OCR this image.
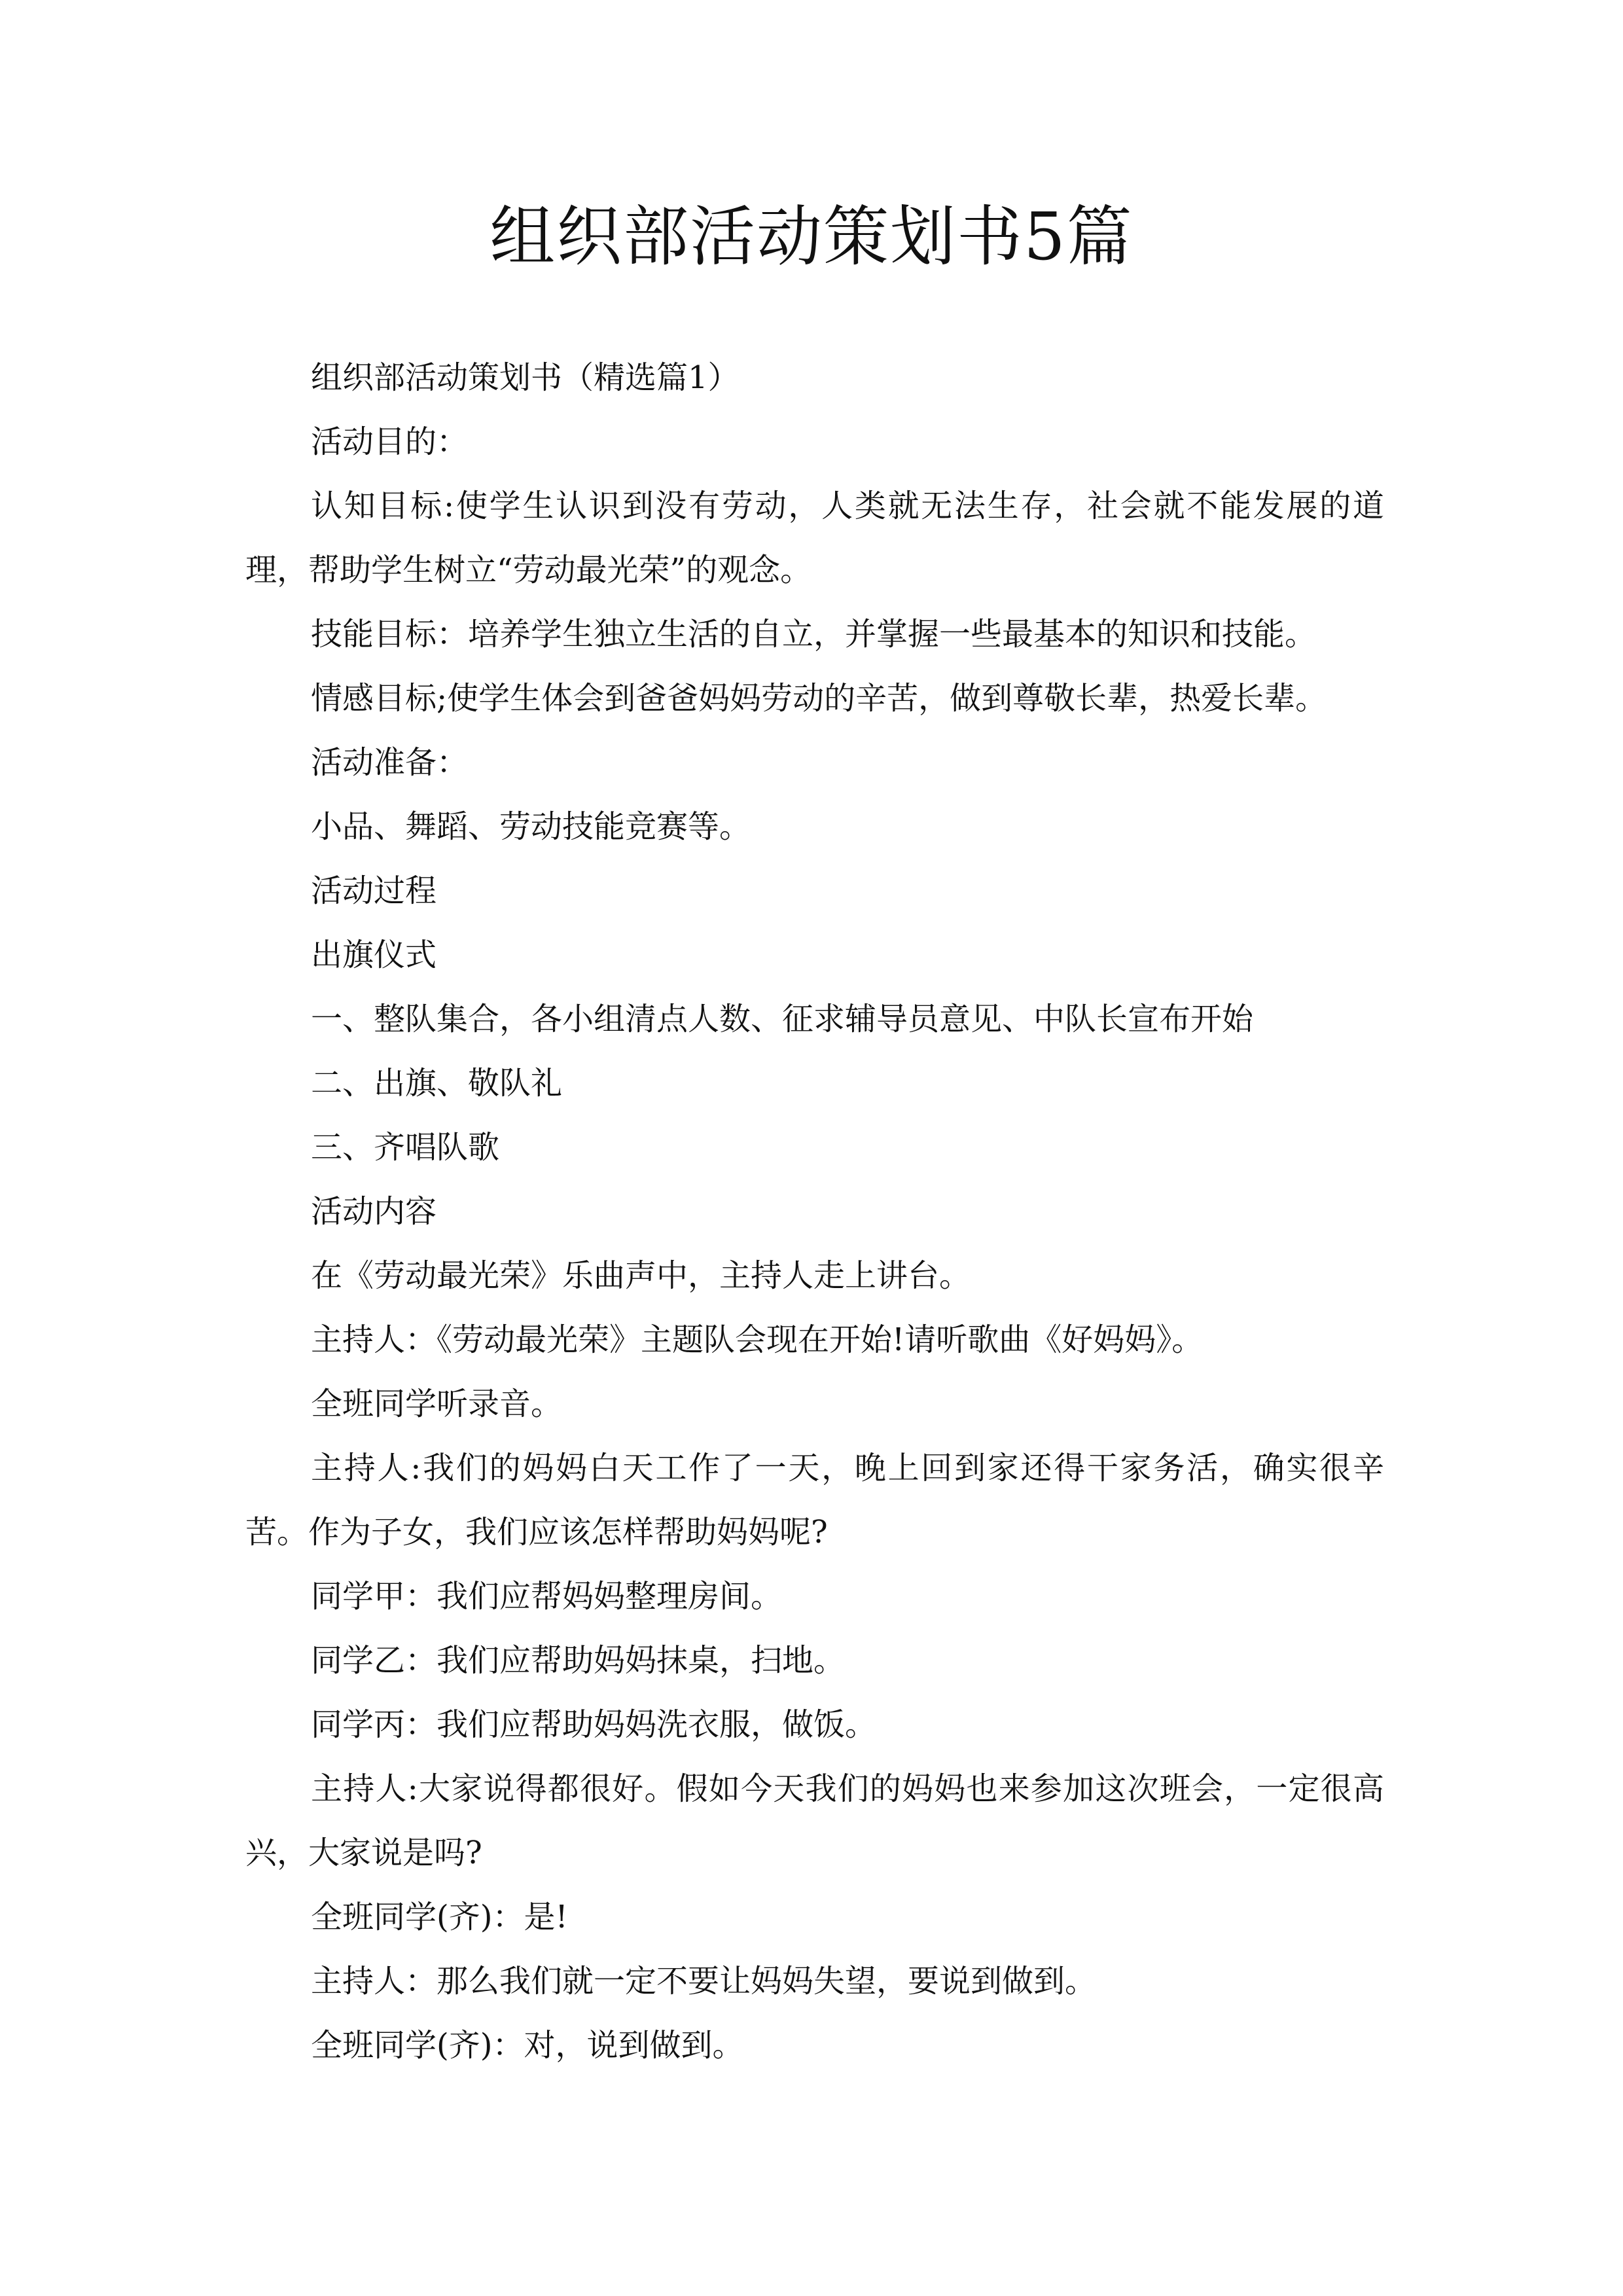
组织部活动策划书5篇

组织部活动策划书（精选篇1）

活动目的：

认知目标:使学生认识到没有劳动，人类就无法生存，社会就不能发展的道理，帮助学生树立“劳动最光荣”的观念。

技能目标：培养学生独立生活的自立，并掌握一些最基本的知识和技能。

情感目标;使学生体会到爸爸妈妈劳动的辛苦，做到尊敬长辈，热爱长辈。

活动准备：

小品、舞蹈、劳动技能竞赛等。

活动过程

出旗仪式

一、整队集合，各小组清点人数、征求辅导员意见、中队长宣布开始

二、出旗、敬队礼

三、齐唱队歌

活动内容

在《劳动最光荣》乐曲声中，主持人走上讲台。

主持人：《劳动最光荣》主题队会现在开始!请听歌曲《好妈妈》。

全班同学听录音。

主持人:我们的妈妈白天工作了一天，晚上回到家还得干家务活，确实很辛苦。作为子女，我们应该怎样帮助妈妈呢?

同学甲：我们应帮妈妈整理房间。

同学乙：我们应帮助妈妈抹桌，扫地。

同学丙：我们应帮助妈妈洗衣服，做饭。

主持人:大家说得都很好。假如今天我们的妈妈也来参加这次班会，一定很高兴，大家说是吗?

全班同学(齐)：是!

主持人：那么我们就一定不要让妈妈失望，要说到做到。

全班同学(齐)：对，说到做到。
